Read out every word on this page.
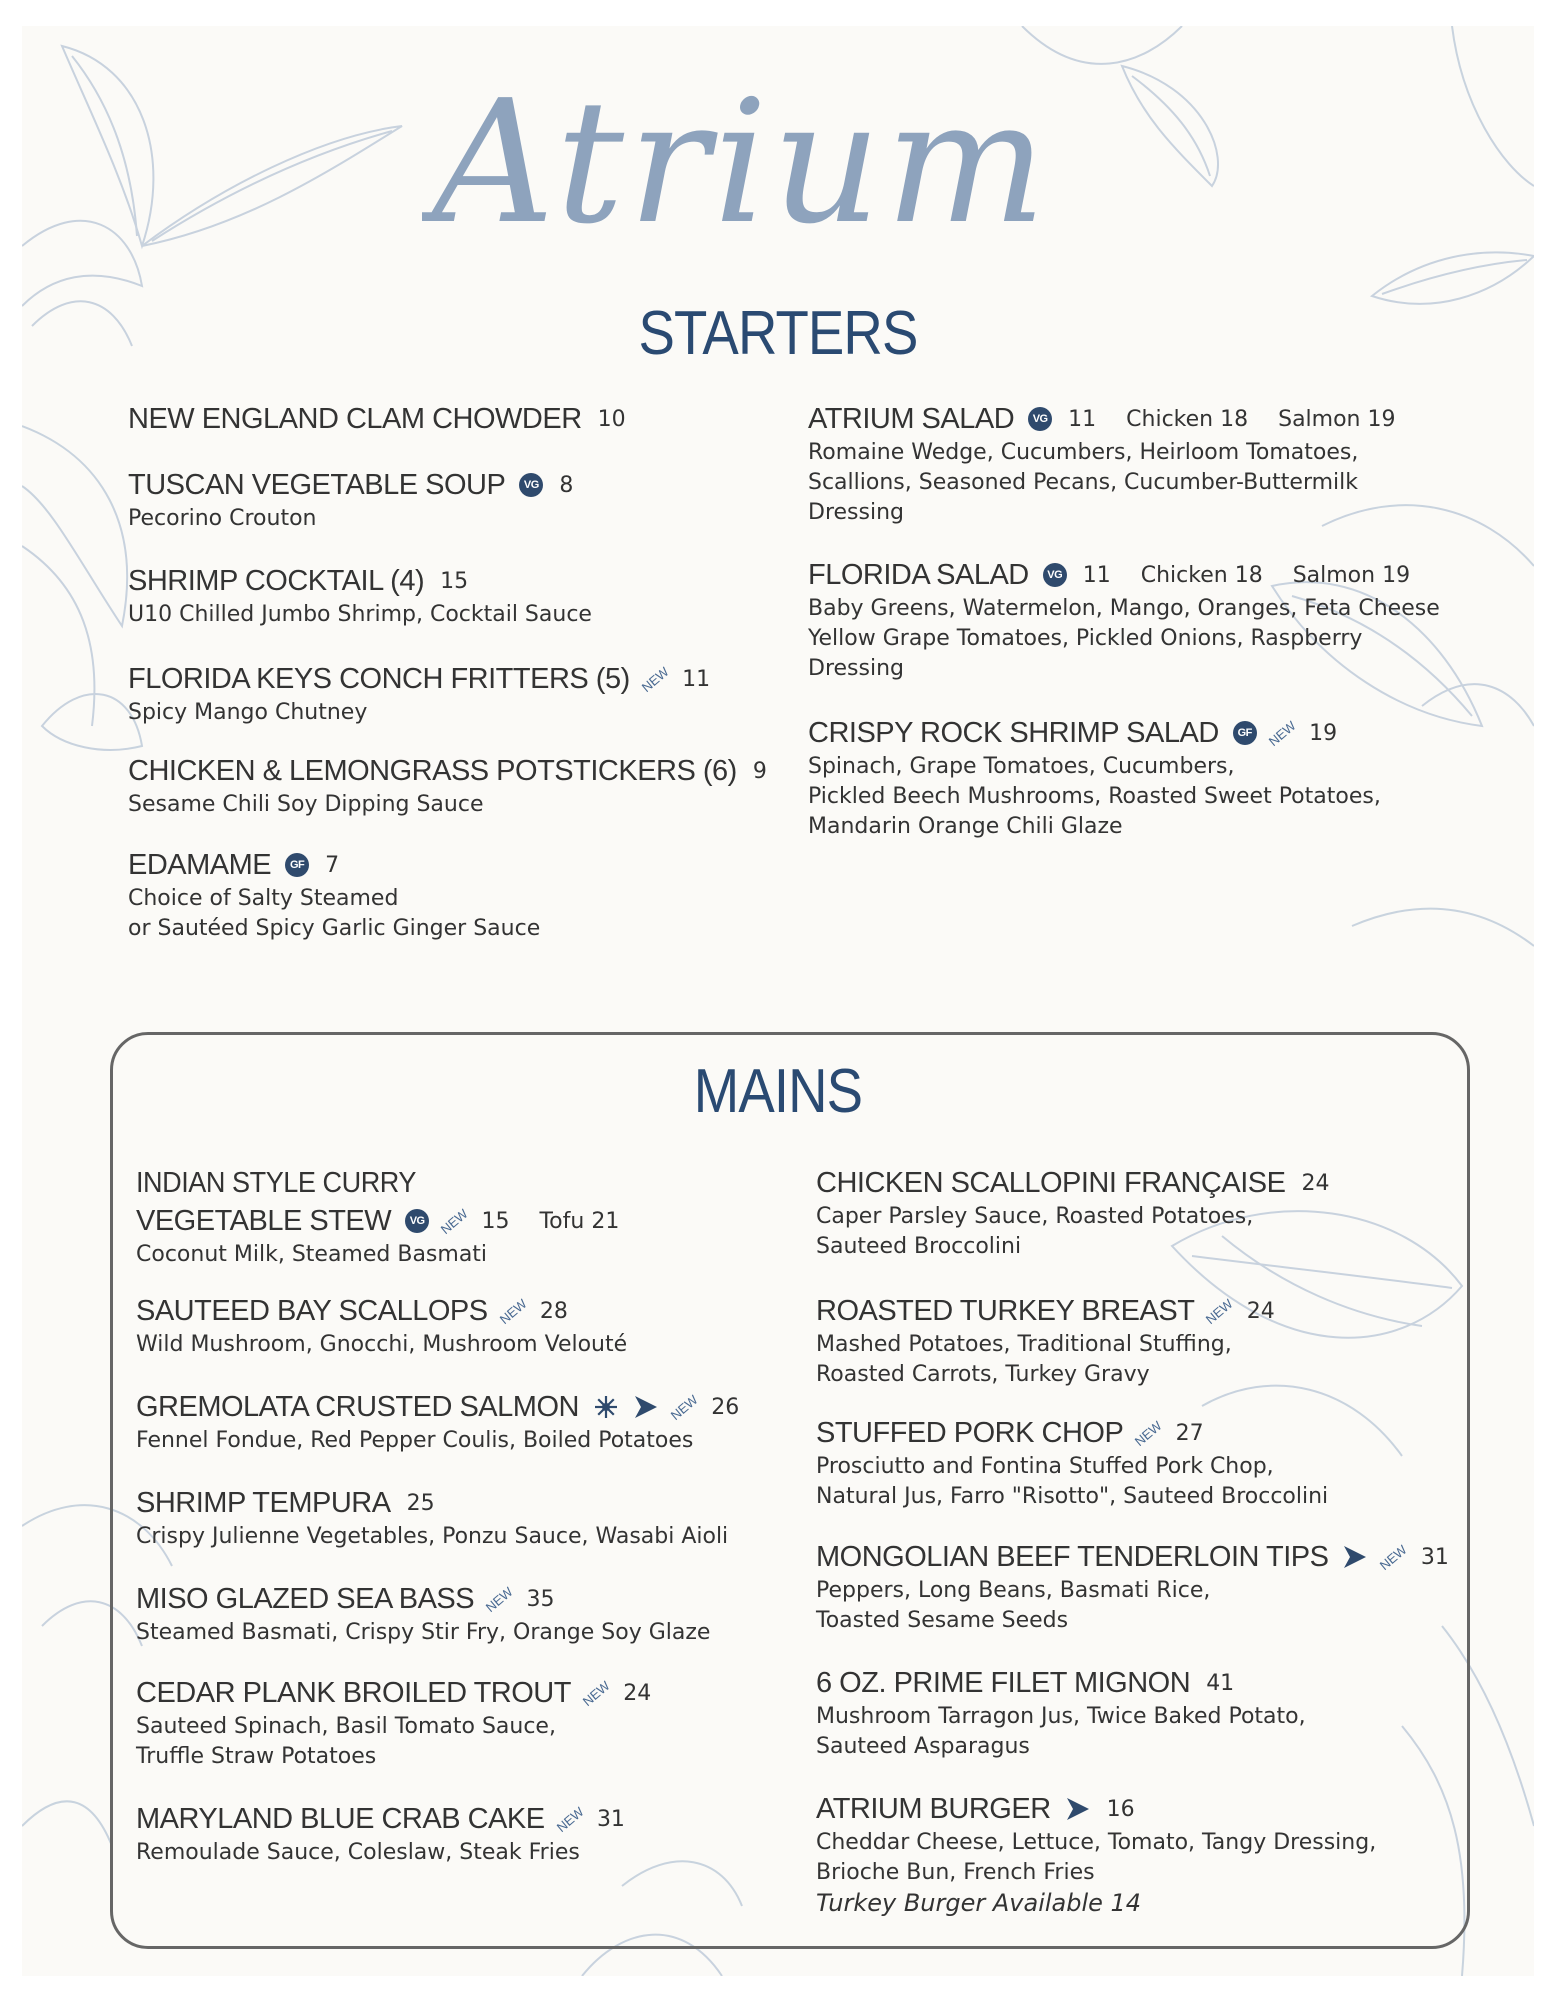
Atrium
STARTERS
MAINS
NEW ENGLAND CLAM CHOWDER 10
TUSCAN VEGETABLE SOUP	VG 8
Pecorino Crouton
SHRIMP COCKTAIL (4) 15
U10 Chilled Jumbo Shrimp, Cocktail Sauce
FLORIDA KEYS CONCH FRITTERS (5) NEW 11
Spicy Mango Chutney
CHICKEN & LEMONGRASS POTSTICKERS (6) 9
Sesame Chili Soy Dipping Sauce
EDAMAME	GF 7
Choice of Salty Steamed
or Sautéed Spicy Garlic Ginger Sauce
ATRIUM SALAD	VG 11 Chicken 18 Salmon 19
Romaine Wedge, Cucumbers, Heirloom Tomatoes,
Scallions, Seasoned Pecans, Cucumber-Buttermilk
Dressing
FLORIDA SALAD	VG 11 Chicken 18 Salmon 19
Baby Greens, Watermelon, Mango, Oranges, Feta Cheese
Yellow Grape Tomatoes, Pickled Onions, Raspberry
Dressing
CRISPY ROCK SHRIMP SALAD	GF	NEW 19
Spinach, Grape Tomatoes, Cucumbers,
Pickled Beech Mushrooms, Roasted Sweet Potatoes,
Mandarin Orange Chili Glaze
INDIAN STYLE CURRY
VEGETABLE STEW	VG	NEW 15 Tofu 21
Coconut Milk, Steamed Basmati
SAUTEED BAY SCALLOPS NEW 28
Wild Mushroom, Gnocchi, Mushroom Velouté
GREMOLATA CRUSTED SALMON	NEW 26
Fennel Fondue, Red Pepper Coulis, Boiled Potatoes
SHRIMP TEMPURA 25
Crispy Julienne Vegetables, Ponzu Sauce, Wasabi Aioli
MISO GLAZED SEA BASS NEW 35
Steamed Basmati, Crispy Stir Fry, Orange Soy Glaze
CEDAR PLANK BROILED TROUT NEW 24
Sauteed Spinach, Basil Tomato Sauce,
Truffle Straw Potatoes
MARYLAND BLUE CRAB CAKE NEW 31
Remoulade Sauce, Coleslaw, Steak Fries
CHICKEN SCALLOPINI FRANÇAISE 24
Caper Parsley Sauce, Roasted Potatoes,
Sauteed Broccolini
ROASTED TURKEY BREAST NEW 24
Mashed Potatoes, Traditional Stuffing,
Roasted Carrots, Turkey Gravy
STUFFED PORK CHOP NEW 27
Prosciutto and Fontina Stuffed Pork Chop,
Natural Jus, Farro "Risotto", Sauteed Broccolini
MONGOLIAN BEEF TENDERLOIN TIPS	NEW 31
Peppers, Long Beans, Basmati Rice,
Toasted Sesame Seeds
6 OZ. PRIME FILET MIGNON 41
Mushroom Tarragon Jus, Twice Baked Potato,
Sauteed Asparagus
ATRIUM BURGER	16
Cheddar Cheese, Lettuce, Tomato, Tangy Dressing,
Brioche Bun, French Fries
Turkey Burger Available 14
